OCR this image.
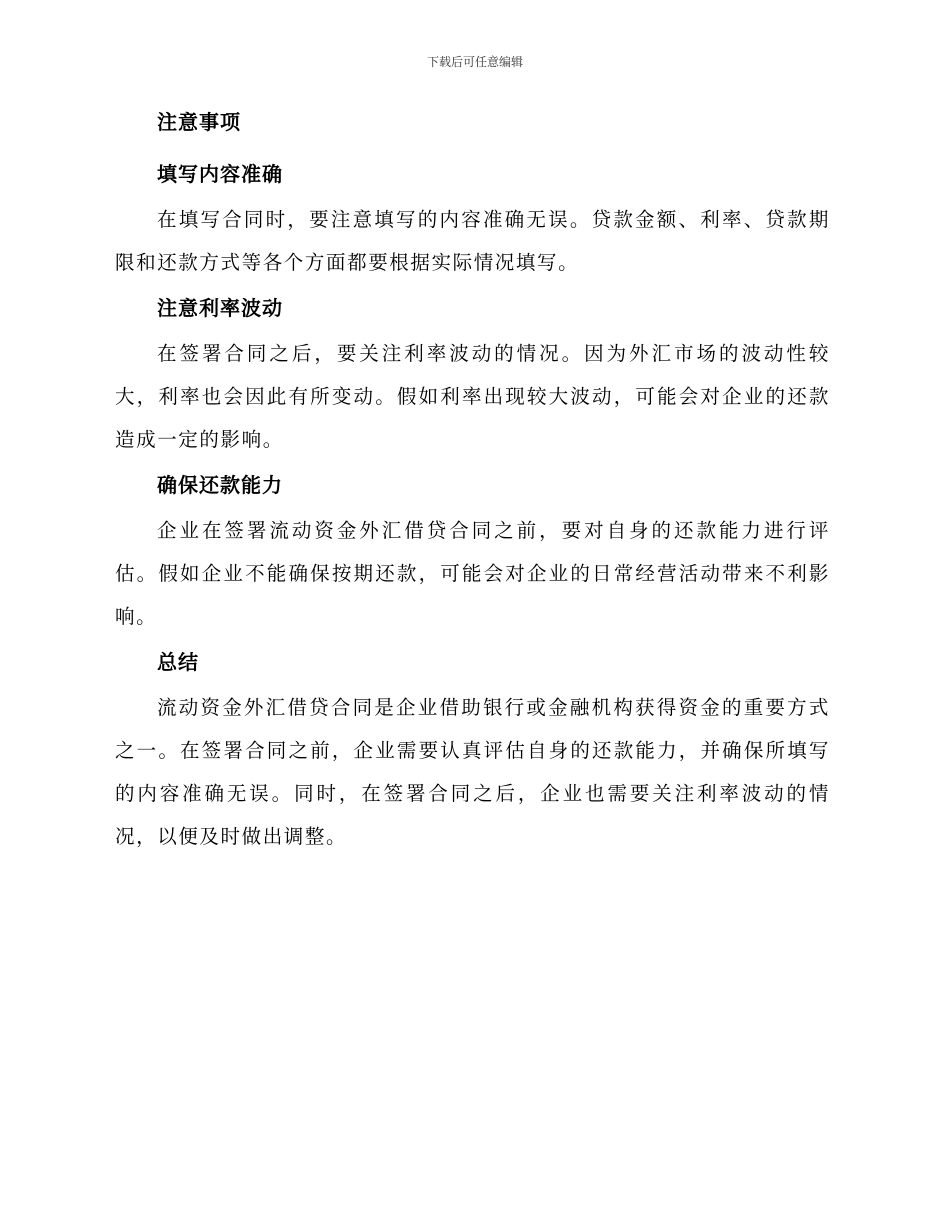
下载后可任意编辑
注意事项
填写内容准确
在填写合同时，要注意填写的内容准确无误。贷款金额、利率、贷款期限和还款方式等各个方面都要根据实际情况填写。
注意利率波动
在签署合同之后，要关注利率波动的情况。因为外汇市场的波动性较大，利率也会因此有所变动。假如利率出现较大波动，可能会对企业的还款造成一定的影响。
确保还款能力
企业在签署流动资金外汇借贷合同之前，要对自身的还款能力进行评估。假如企业不能确保按期还款，可能会对企业的日常经营活动带来不利影响。
总结
流动资金外汇借贷合同是企业借助银行或金融机构获得资金的重要方式之一。在签署合同之前，企业需要认真评估自身的还款能力，并确保所填写的内容准确无误。同时，在签署合同之后，企业也需要关注利率波动的情况，以便及时做出调整。
